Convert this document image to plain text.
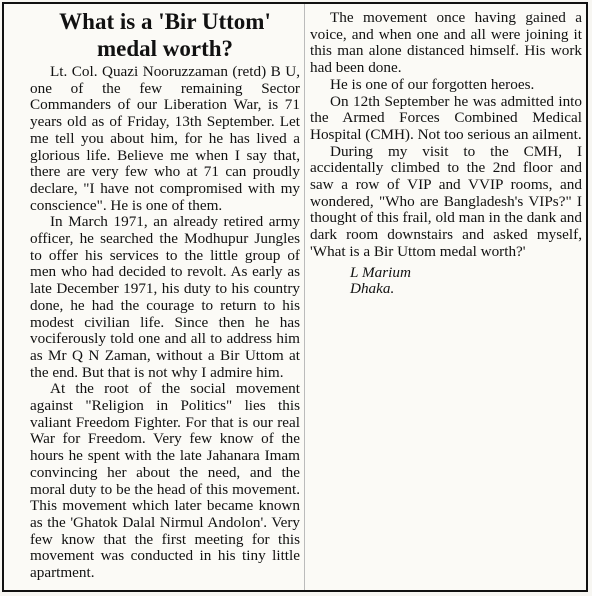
What is a 'Bir Uttom' medal worth?

Lt. Col. Quazi Nooruzzaman (retd) B U, one of the few remaining Sector Commanders of our Liberation War, is 71 years old as of Friday, 13th September. Let me tell you about him, for he has lived a glorious life. Believe me when I say that, there are very few who at 71 can proudly declare, "I have not compromised with my conscience". He is one of them.

In March 1971, an already retired army officer, he searched the Modhupur Jungles to offer his services to the little group of men who had decided to revolt. As early as late December 1971, his duty to his country done, he had the courage to return to his modest civilian life. Since then he has vociferously told one and all to address him as Mr Q N Zaman, without a Bir Uttom at the end. But that is not why I admire him.

At the root of the social movement against "Religion in Politics" lies this valiant Freedom Fighter. For that is our real War for Freedom. Very few know of the hours he spent with the late Jahanara Imam convincing her about the need, and the moral duty to be the head of this movement. This movement which later became known as the 'Ghatok Dalal Nirmul Andolon'. Very few know that the first meeting for this movement was conducted in his tiny little apartment.

The movement once having gained a voice, and when one and all were joining it this man alone distanced himself. His work had been done.

He is one of our forgotten heroes.

On 12th September he was admitted into the Armed Forces Combined Medical Hospital (CMH). Not too serious an ailment.

During my visit to the CMH, I accidentally climbed to the 2nd floor and saw a row of VIP and VVIP rooms, and wondered, "Who are Bangladesh's VIPs?" I thought of this frail, old man in the dank and dark room downstairs and asked myself, 'What is a Bir Uttom medal worth?'

L Marium
Dhaka.
